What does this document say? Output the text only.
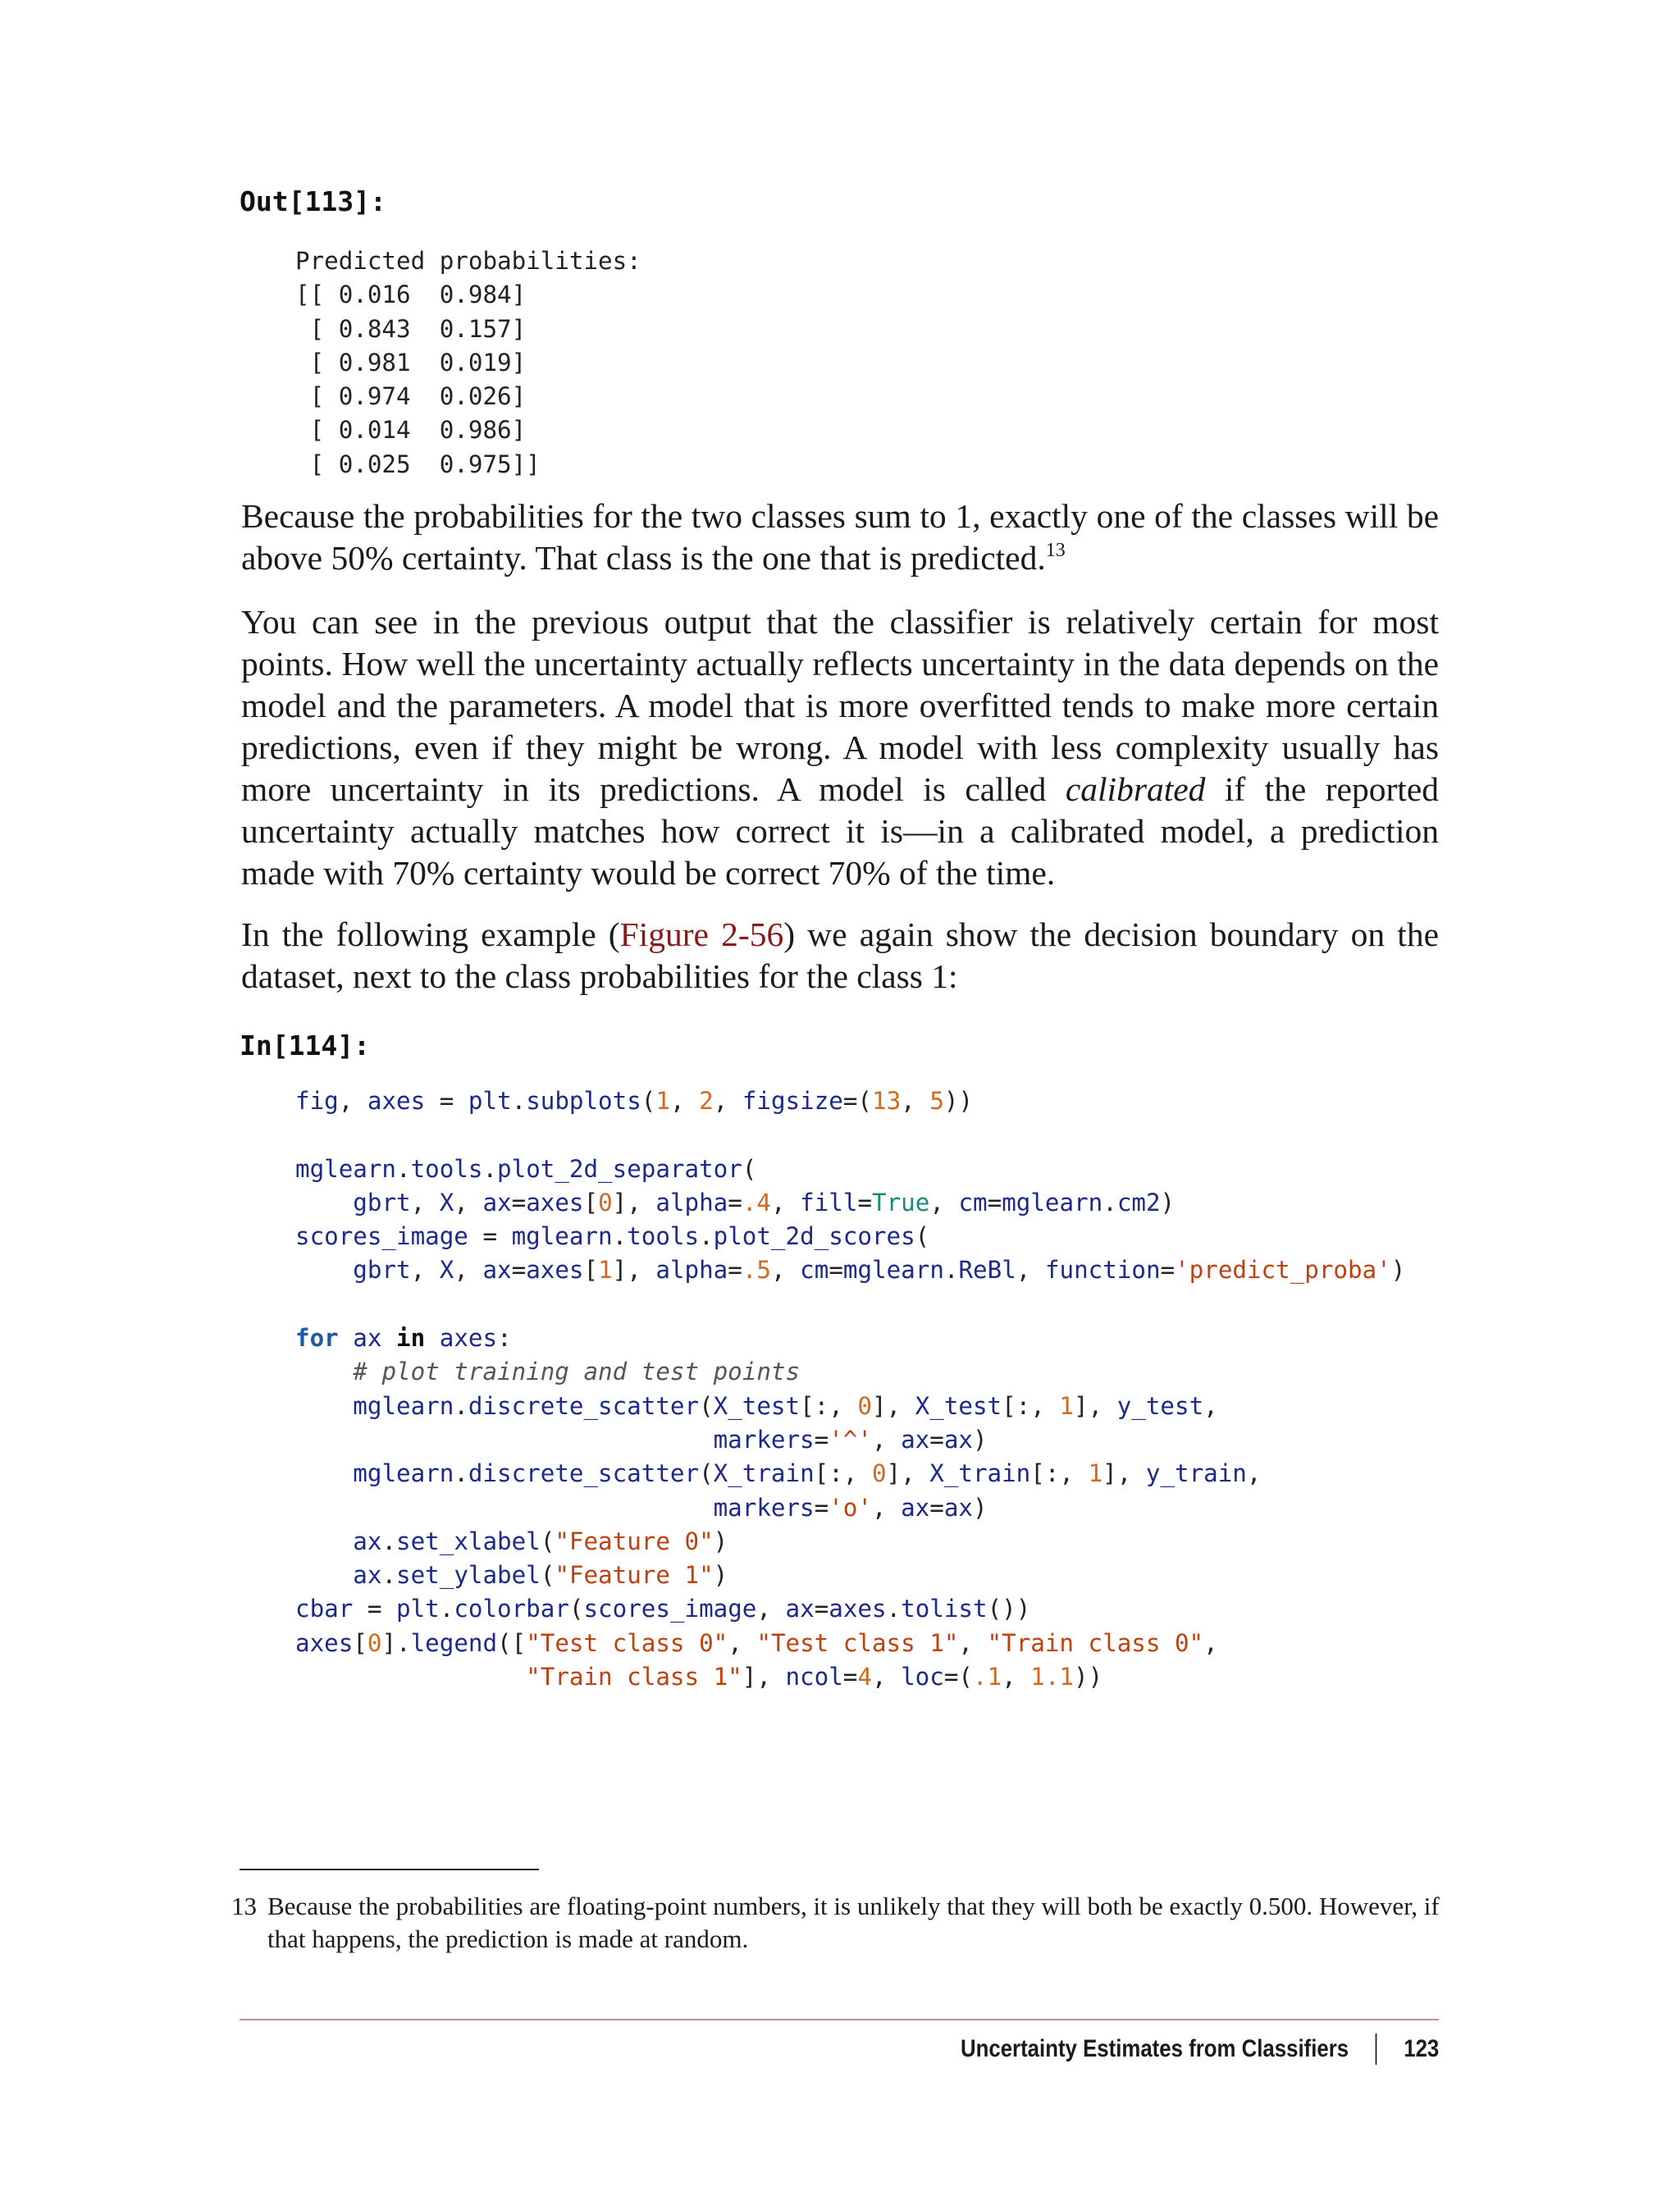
Out[113]:
Predicted probabilities:
[[ 0.016  0.984]
[ 0.843  0.157]
[ 0.981  0.019]
[ 0.974  0.026]
[ 0.014  0.986]
[ 0.025  0.975]]

Because the probabilities for the two classes sum to 1, exactly one of the classes will be above 50% certainty. That class is the one that is predicted.$^{13}$

You can see in the previous output that the classifier is relatively certain for most points. How well the uncertainty actually reflects uncertainty in the data depends on the model and the parameters. A model that is more overfitted tends to make more certain predictions, even if they might be wrong. A model with less complexity usually has more uncertainty in its predictions. A model is called calibrated if the reported uncertainty actually matches how correct it is—in a calibrated model, a prediction made with 70% certainty would be correct 70% of the time.

In the following example (Figure 2-56) we again show the decision boundary on the dataset, next to the class probabilities for the class 1:

In[114]:
fig, axes = plt.subplots(1, 2, figsize=(13, 5))

mglearn.tools.plot_2d_separator(
gbrt, X, ax=axes[0], alpha=.4, fill=True, cm=mglearn.cm2)
scores_image = mglearn.tools.plot_2d_scores(
gbrt, X, ax=axes[1], alpha=.5, cm=mglearn.ReBl, function='predict_proba')

for ax in axes:
# plot training and test points
mglearn.discrete_scatter(X_test[:, 0], X_test[:, 1], y_test,
markers='^', ax=ax)
mglearn.discrete_scatter(X_train[:, 0], X_train[:, 1], y_train,
markers='o', ax=ax)
ax.set_xlabel("Feature 0")
ax.set_ylabel("Feature 1")
cbar = plt.colorbar(scores_image, ax=axes.tolist())
axes[0].legend(["Test class 0", "Test class 1", "Train class 0",
"Train class 1"], ncol=4, loc=(.1, 1.1))

13 Because the probabilities are floating-point numbers, it is unlikely that they will both be exactly 0.500. However, if that happens, the prediction is made at random.

Uncertainty Estimates from Classifiers 123
